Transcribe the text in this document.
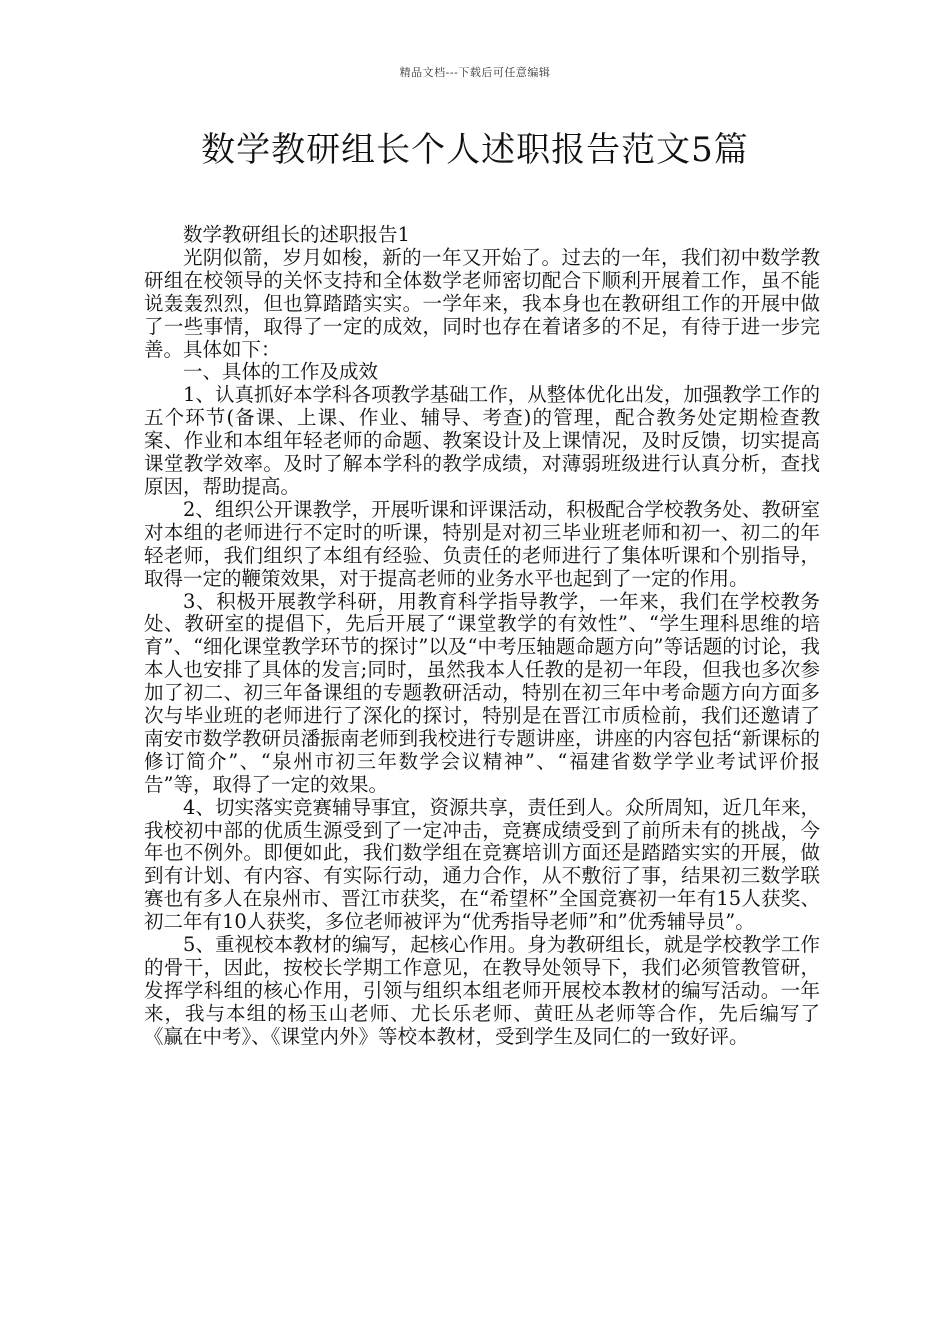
精品文档---下载后可任意编辑
数学教研组长个人述职报告范文5篇

数学教研组长的述职报告1

光阴似箭，岁月如梭，新的一年又开始了。过去的一年，我们初中数学教研组在校领导的关怀支持和全体数学老师密切配合下顺利开展着工作，虽不能说轰轰烈烈，但也算踏踏实实。一学年来，我本身也在教研组工作的开展中做了一些事情，取得了一定的成效，同时也存在着诸多的不足，有待于进一步完善。具体如下：

一、具体的工作及成效

1、认真抓好本学科各项教学基础工作，从整体优化出发，加强教学工作的五个环节(备课、上课、作业、辅导、考查)的管理，配合教务处定期检查教案、作业和本组年轻老师的命题、教案设计及上课情况，及时反馈，切实提高课堂教学效率。及时了解本学科的教学成绩，对薄弱班级进行认真分析，查找原因，帮助提高。

2、组织公开课教学，开展听课和评课活动，积极配合学校教务处、教研室对本组的老师进行不定时的听课，特别是对初三毕业班老师和初一、初二的年轻老师，我们组织了本组有经验、负责任的老师进行了集体听课和个别指导，取得一定的鞭策效果，对于提高老师的业务水平也起到了一定的作用。

3、积极开展教学科研，用教育科学指导教学，一年来，我们在学校教务处、教研室的提倡下，先后开展了“课堂教学的有效性”、“学生理科思维的培育”、“细化课堂教学环节的探讨”以及“中考压轴题命题方向”等话题的讨论，我本人也安排了具体的发言;同时，虽然我本人任教的是初一年段，但我也多次参加了初二、初三年备课组的专题教研活动，特别在初三年中考命题方向方面多次与毕业班的老师进行了深化的探讨，特别是在晋江市质检前，我们还邀请了南安市数学教研员潘振南老师到我校进行专题讲座，讲座的内容包括“新课标的修订简介”、“泉州市初三年数学会议精神”、“福建省数学学业考试评价报告”等，取得了一定的效果。

4、切实落实竞赛辅导事宜，资源共享，责任到人。众所周知，近几年来，我校初中部的优质生源受到了一定冲击，竞赛成绩受到了前所未有的挑战，今年也不例外。即便如此，我们数学组在竞赛培训方面还是踏踏实实的开展，做到有计划、有内容、有实际行动，通力合作，从不敷衍了事，结果初三数学联赛也有多人在泉州市、晋江市获奖，在“希望杯”全国竞赛初一年有15人获奖、初二年有10人获奖，多位老师被评为“优秀指导老师”和”优秀辅导员”。

5、重视校本教材的编写，起核心作用。身为教研组长，就是学校教学工作的骨干，因此，按校长学期工作意见，在教导处领导下，我们必须管教管研，发挥学科组的核心作用，引领与组织本组老师开展校本教材的编写活动。一年来，我与本组的杨玉山老师、尤长乐老师、黄旺丛老师等合作，先后编写了《赢在中考》、《课堂内外》等校本教材，受到学生及同仁的一致好评。
